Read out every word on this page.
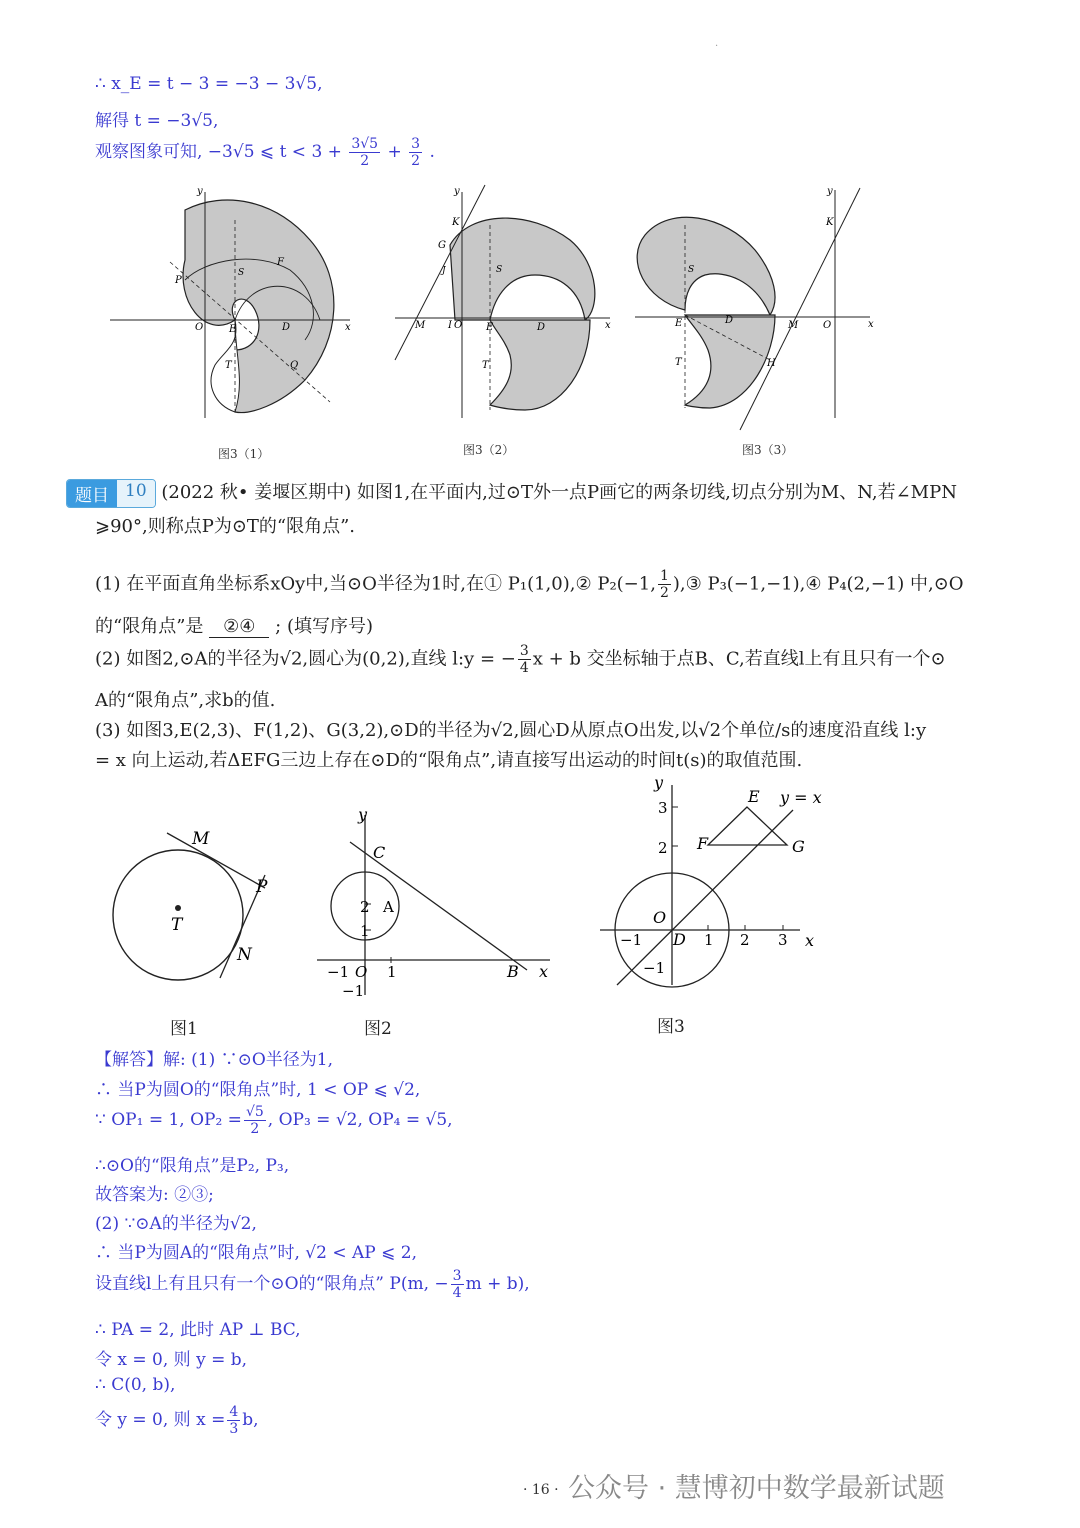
.
∴ x_E = t − 3 = −3 − 3√5,
解得 t = −3√5,
观察图象可知, −3√5 ⩽ $t < 3 + \frac{3√5}{2} + \frac{3}{2}$ .
y
x
O	E	D
S
P
F
T	Q
y
x
K
G
J	S
M I O E	D
T
y
x
K
S
E	D	M O
T	H
图3（1）	图3（2）	图3（3）
题目 10 (2022 秋• 姜堰区期中) 如图1,在平面内,过⊙T外一点P画它的两条切线,切点分别为M、N,若∠MPN
⩾90°,则称点P为⊙T的“限角点”.
(1) 在平面直角坐标系xOy中,当⊙O半径为1时,在① P₁(1,0),② P₂(−1, $\frac{1}{2}$ ),③ P₃(−1,−1),④ P₄(2,−1) 中,⊙O
的“限角点”是 ②④ ; (填写序号)
(2) 如图2,⊙A的半径为√2,圆心为(0,2),直线 l:y = − $\frac{3}{4}$ x + b 交坐标轴于点B、C,若直线l上有且只有一个⊙
A的“限角点”,求b的值.
(3) 如图3,E(2,3)、F(1,2)、G(3,2),⊙D的半径为√2,圆心D从原点O出发,以√2个单位/s的速度沿直线 l:y
= x 向上运动,若ΔEFG三边上存在⊙D的“限角点”,请直接写出运动的时间t(s)的取值范围.
M
P
T
N
y
C
2 A
1
−1 O 1
−1
B x
y
3
E y = x
2 F	G
O
−1 D 1 2 3 x
−1
图1	图2	图3
【解答】解: (1) ∵⊙O半径为1,
∴ 当P为圆O的“限角点”时, 1 < OP ⩽ √2,
∵ OP₁ = 1, $OP_2 = \frac{√5}{2}$ , OP₃ = √2, OP₄ = √5,
∴⊙O的“限角点”是P₂, P₃,
故答案为: ②③;
(2) ∵⊙A的半径为√2,
∴ 当P为圆A的“限角点”时, √2 < AP ⩽ 2,
设直线l上有且只有一个⊙O的“限角点” P(m, − $\frac{3}{4}$ m + b),
∴ PA = 2, 此时 AP ⊥ BC,
令 x = 0, 则 y = b,
∴ C(0, b),
令 y = 0, 则 $x = \frac{4}{3} b$,
公众号 · 慧博初中数学最新试题
· 16 ·
